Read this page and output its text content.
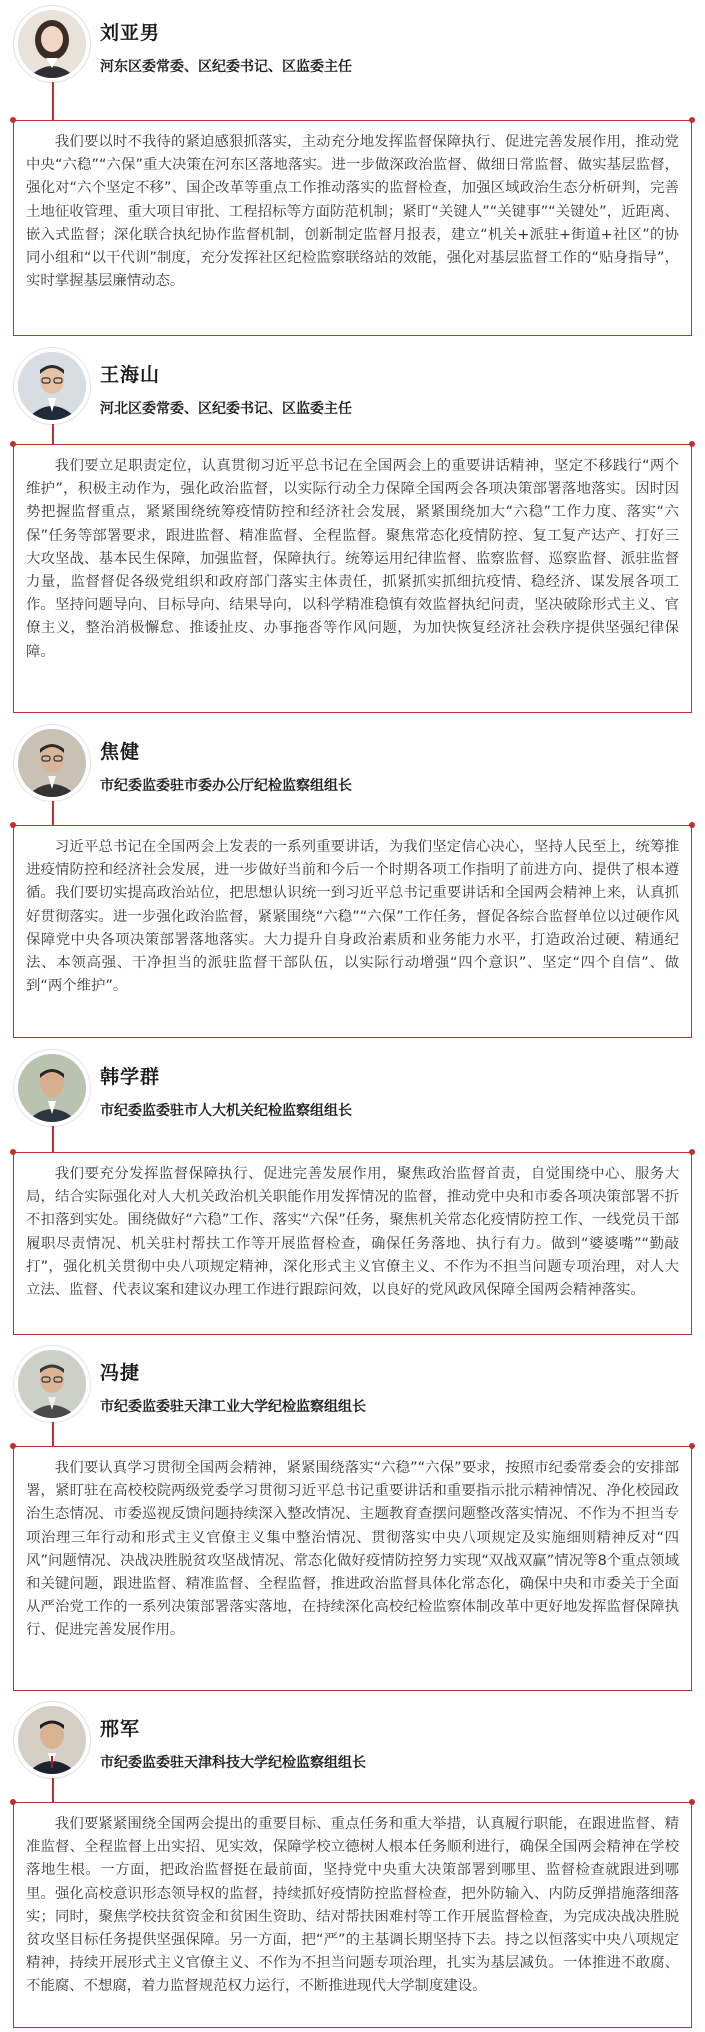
刘亚男
河东区委常委、区纪委书记、区监委主任
我们要以时不我待的紧迫感狠抓落实，主动充分地发挥监督保障执行、促进完善发展作用，推动党中央“六稳”“六保”重大决策在河东区落地落实。进一步做深政治监督、做细日常监督、做实基层监督，强化对“六个坚定不移”、国企改革等重点工作推动落实的监督检查，加强区域政治生态分析研判，完善土地征收管理、重大项目审批、工程招标等方面防范机制；紧盯“关键人”“关键事”“关键处”，近距离、嵌入式监督；深化联合执纪协作监督机制，创新制定监督月报表，建立“机关+派驻+街道+社区”的协同小组和“以干代训”制度，充分发挥社区纪检监察联络站的效能，强化对基层监督工作的“贴身指导”，实时掌握基层廉情动态。
王海山
河北区委常委、区纪委书记、区监委主任
我们要立足职责定位，认真贯彻习近平总书记在全国两会上的重要讲话精神，坚定不移践行“两个维护”，积极主动作为，强化政治监督，以实际行动全力保障全国两会各项决策部署落地落实。因时因势把握监督重点，紧紧围绕统筹疫情防控和经济社会发展，紧紧围绕加大“六稳”工作力度、落实“六保”任务等部署要求，跟进监督、精准监督、全程监督。聚焦常态化疫情防控、复工复产达产、打好三大攻坚战、基本民生保障，加强监督，保障执行。统筹运用纪律监督、监察监督、巡察监督、派驻监督力量，监督督促各级党组织和政府部门落实主体责任，抓紧抓实抓细抗疫情、稳经济、谋发展各项工作。坚持问题导向、目标导向、结果导向，以科学精准稳慎有效监督执纪问责，坚决破除形式主义、官僚主义，整治消极懈怠、推诿扯皮、办事拖沓等作风问题，为加快恢复经济社会秩序提供坚强纪律保障。
焦健
市纪委监委驻市委办公厅纪检监察组组长
习近平总书记在全国两会上发表的一系列重要讲话，为我们坚定信心决心，坚持人民至上，统筹推进疫情防控和经济社会发展，进一步做好当前和今后一个时期各项工作指明了前进方向、提供了根本遵循。我们要切实提高政治站位，把思想认识统一到习近平总书记重要讲话和全国两会精神上来，认真抓好贯彻落实。进一步强化政治监督，紧紧围绕“六稳”“六保”工作任务，督促各综合监督单位以过硬作风保障党中央各项决策部署落地落实。大力提升自身政治素质和业务能力水平，打造政治过硬、精通纪法、本领高强、干净担当的派驻监督干部队伍，以实际行动增强“四个意识”、坚定“四个自信”、做到“两个维护”。
韩学群
市纪委监委驻市人大机关纪检监察组组长
我们要充分发挥监督保障执行、促进完善发展作用，聚焦政治监督首责，自觉围绕中心、服务大局，结合实际强化对人大机关政治机关职能作用发挥情况的监督，推动党中央和市委各项决策部署不折不扣落到实处。围绕做好“六稳”工作、落实“六保”任务，聚焦机关常态化疫情防控工作、一线党员干部履职尽责情况、机关驻村帮扶工作等开展监督检查，确保任务落地、执行有力。做到“婆婆嘴”“勤敲打”，强化机关贯彻中央八项规定精神，深化形式主义官僚主义、不作为不担当问题专项治理，对人大立法、监督、代表议案和建议办理工作进行跟踪问效，以良好的党风政风保障全国两会精神落实。
冯捷
市纪委监委驻天津工业大学纪检监察组组长
我们要认真学习贯彻全国两会精神，紧紧围绕落实“六稳”“六保”要求，按照市纪委常委会的安排部署，紧盯驻在高校校院两级党委学习贯彻习近平总书记重要讲话和重要指示批示精神情况、净化校园政治生态情况、市委巡视反馈问题持续深入整改情况、主题教育查摆问题整改落实情况、不作为不担当专项治理三年行动和形式主义官僚主义集中整治情况、贯彻落实中央八项规定及实施细则精神反对“四风”问题情况、决战决胜脱贫攻坚战情况、常态化做好疫情防控努力实现“双战双赢”情况等8个重点领域和关键问题，跟进监督、精准监督、全程监督，推进政治监督具体化常态化，确保中央和市委关于全面从严治党工作的一系列决策部署落实落地，在持续深化高校纪检监察体制改革中更好地发挥监督保障执行、促进完善发展作用。
邢军
市纪委监委驻天津科技大学纪检监察组组长
我们要紧紧围绕全国两会提出的重要目标、重点任务和重大举措，认真履行职能，在跟进监督、精准监督、全程监督上出实招、见实效，保障学校立德树人根本任务顺利进行，确保全国两会精神在学校落地生根。一方面，把政治监督挺在最前面，坚持党中央重大决策部署到哪里、监督检查就跟进到哪里。强化高校意识形态领导权的监督，持续抓好疫情防控监督检查，把外防输入、内防反弹措施落细落实；同时，聚焦学校扶贫资金和贫困生资助、结对帮扶困难村等工作开展监督检查，为完成决战决胜脱贫攻坚目标任务提供坚强保障。另一方面，把“严”的主基调长期坚持下去。持之以恒落实中央八项规定精神，持续开展形式主义官僚主义、不作为不担当问题专项治理，扎实为基层减负。一体推进不敢腐、不能腐、不想腐，着力监督规范权力运行，不断推进现代大学制度建设。
